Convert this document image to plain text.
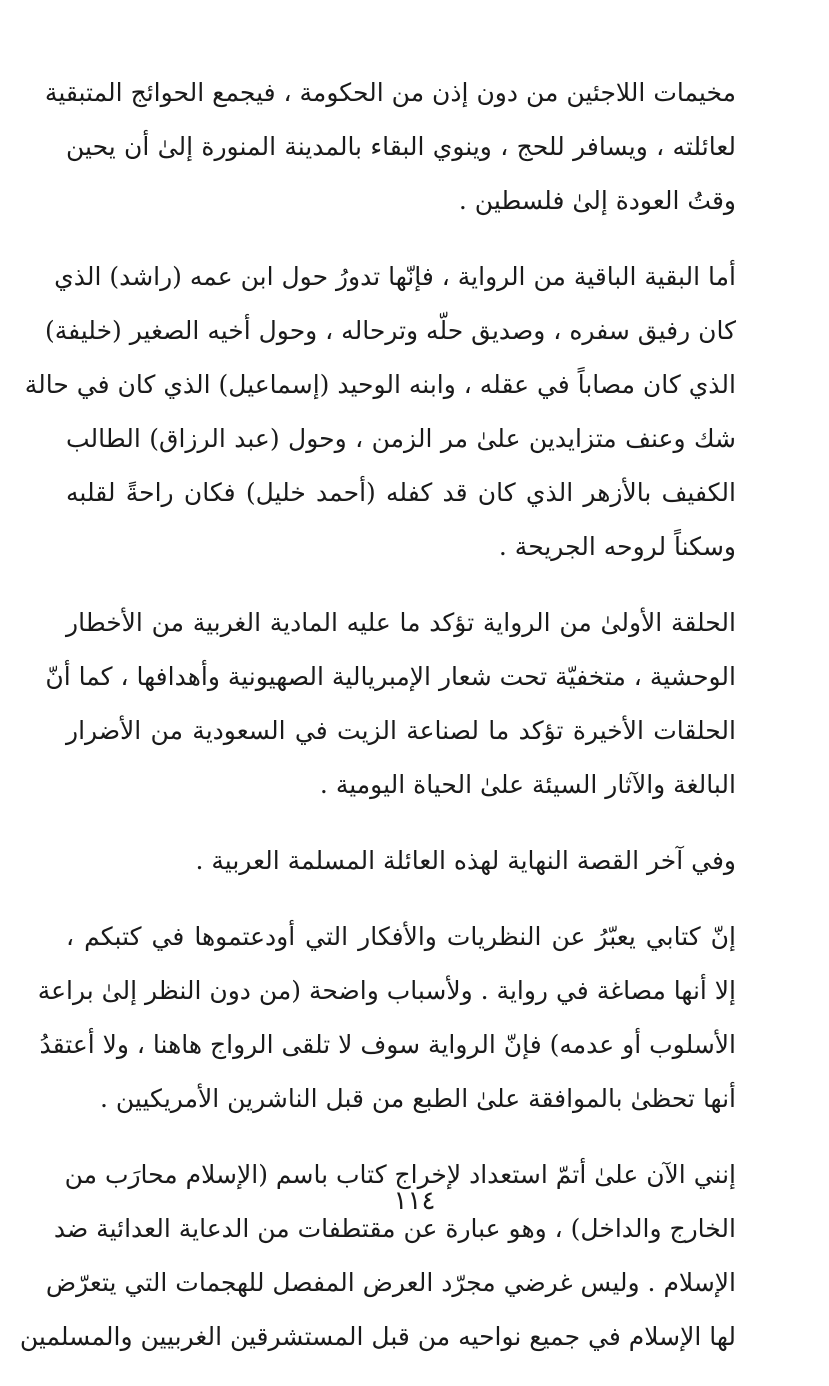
مخيمات اللاجئين من دون إذن من الحكومة ، فيجمع الحوائج المتبقية
لعائلته ، ويسافر للحج ، وينوي البقاء بالمدينة المنورة إلىٰ أن يحين
وقتُ العودة إلىٰ فلسطين .
أما البقية الباقية من الرواية ، فإنّها تدورُ حول ابن عمه (راشد) الذي
كان رفيق سفره ، وصديق حلّه وترحاله ، وحول أخيه الصغير (خليفة)
الذي كان مصاباً في عقله ، وابنه الوحيد (إسماعيل) الذي كان في حالة
شك وعنف متزايدين علىٰ مر الزمن ، وحول (عبد الرزاق) الطالب
الكفيف بالأزهر الذي كان قد كفله (أحمد خليل) فكان راحةً لقلبه
وسكناً لروحه الجريحة .
الحلقة الأولىٰ من الرواية تؤكد ما عليه المادية الغربية من الأخطار
الوحشية ، متخفيّة تحت شعار الإمبريالية الصهيونية وأهدافها ، كما أنّ
الحلقات الأخيرة تؤكد ما لصناعة الزيت في السعودية من الأضرار
البالغة والآثار السيئة علىٰ الحياة اليومية .
وفي آخر القصة النهاية لهذه العائلة المسلمة العربية .
إنّ كتابي يعبّرُ عن النظريات والأفكار التي أودعتموها في كتبكم ،
إلا أنها مصاغة في رواية . ولأسباب واضحة (من دون النظر إلىٰ براعة
الأسلوب أو عدمه) فإنّ الرواية سوف لا تلقى الرواج هاهنا ، ولا أعتقدُ
أنها تحظىٰ بالموافقة علىٰ الطبع من قبل الناشرين الأمريكيين .
إنني الآن علىٰ أتمّ استعداد لإخراج كتاب باسم (الإسلام محارَب من
الخارج والداخل) ، وهو عبارة عن مقتطفات من الدعاية العدائية ضد
الإسلام . وليس غرضي مجرّد العرض المفصل للهجمات التي يتعرّض
لها الإسلام في جميع نواحيه من قبل المستشرقين الغربيين والمسلمين
١١٤
